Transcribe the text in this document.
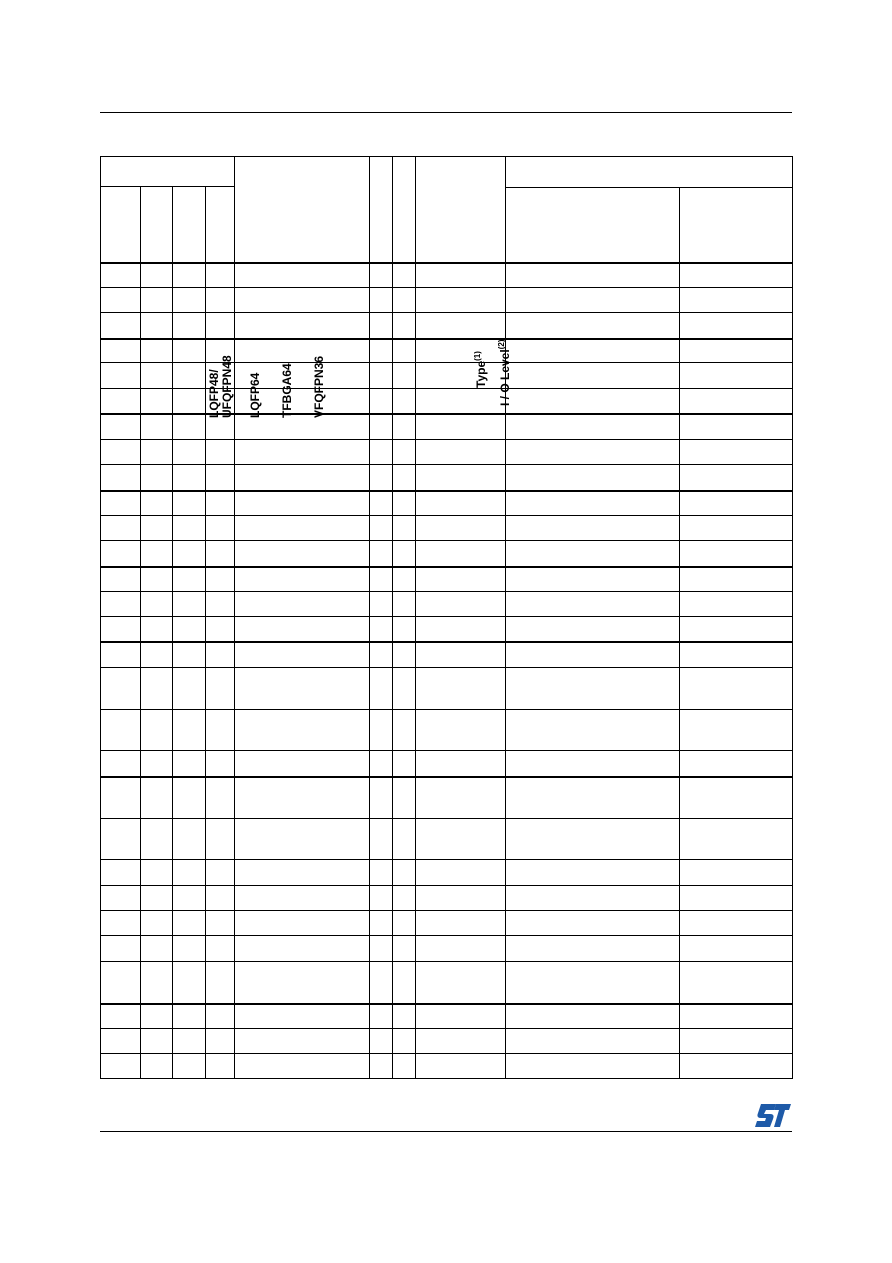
LQFP48/ UFQFPN48 LQFP64 TFBGA64 VFQFPN36	Type$^{(1)}$	I / O Level$^{(2)}$
